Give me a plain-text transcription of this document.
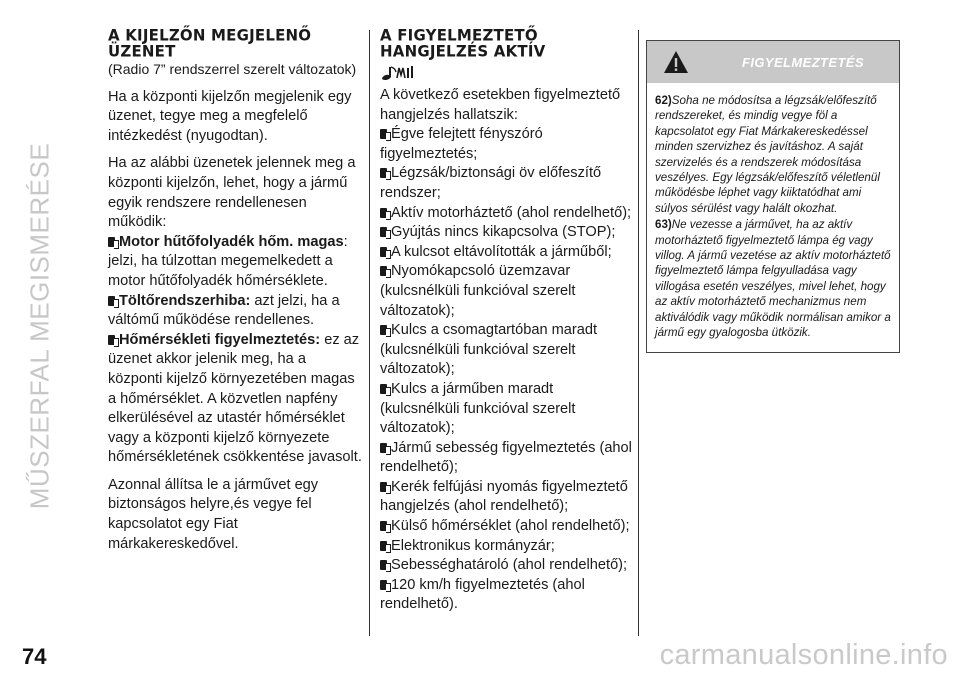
MŰSZERFAL MEGISMERÉSE
A KIJELZŐN MEGJELENŐ
ÜZENET

(Radio 7” rendszerrel szerelt változatok)

Ha a központi kijelzőn megjelenik egy üzenet, tegye meg a megfelelő intézkedést (nyugodtan).

Ha az alábbi üzenetek jelennek meg a központi kijelzőn, lehet, hogy a jármű egyik rendszere rendellenesen működik:

Motor hűtőfolyadék hőm. magas: jelzi, ha túlzottan megemelkedett a motor hűtőfolyadék hőmérséklete.

Töltőrendszerhiba: azt jelzi, ha a váltómű működése rendellenes.

Hőmérsékleti figyelmeztetés: ez az üzenet akkor jelenik meg, ha a központi kijelző környezetében magas a hőmérséklet. A közvetlen napfény elkerülésével az utastér hőmérséklet vagy a központi kijelző környezete hőmérsékletének csökkentése javasolt.

Azonnal állítsa le a járművet egy biztonságos helyre,és vegye fel kapcsolatot egy Fiat márkakereskedővel.

A FIGYELMEZTETŐ
HANGJELZÉS AKTÍV

A következő esetekben figyelmeztető hangjelzés hallatszik:

Égve felejtett fényszóró figyelmeztetés;

Légzsák/biztonsági öv előfeszítő rendszer;

Aktív motorháztető (ahol rendelhető);

Gyújtás nincs kikapcsolva (STOP);

A kulcsot eltávolították a járműből;

Nyomókapcsoló üzemzavar (kulcsnélküli funkcióval szerelt változatok);

Kulcs a csomagtartóban maradt (kulcsnélküli funkcióval szerelt változatok);

Kulcs a járműben maradt (kulcsnélküli funkcióval szerelt változatok);

Jármű sebesség figyelmeztetés (ahol rendelhető);

Kerék felfújási nyomás figyelmeztető hangjelzés (ahol rendelhető);

Külső hőmérséklet (ahol rendelhető);

Elektronikus kormányzár;

Sebességhatároló (ahol rendelhető);

120 km/h figyelmeztetés (ahol rendelhető).

FIGYELMEZTETÉS

62)Soha ne módosítsa a légzsák/előfeszítő rendszereket, és mindig vegye föl a kapcsolatot egy Fiat Márkakereskedéssel minden szervizhez és javításhoz. A saját szervizelés és a rendszerek módosítása veszélyes. Egy légzsák/előfeszítő véletlenül működésbe léphet vagy kiiktatódhat ami súlyos sérülést vagy halált okozhat.

63)Ne vezesse a járművet, ha az aktív motorháztető figyelmeztető lámpa ég vagy villog. A jármű vezetése az aktív motorháztető figyelmeztető lámpa felgyulladása vagy villogása esetén veszélyes, mivel lehet, hogy az aktív motorháztető mechanizmus nem aktiválódik vagy működik normálisan amikor a jármű egy gyalogosba ütközik.

74	carmanualsonline.info
